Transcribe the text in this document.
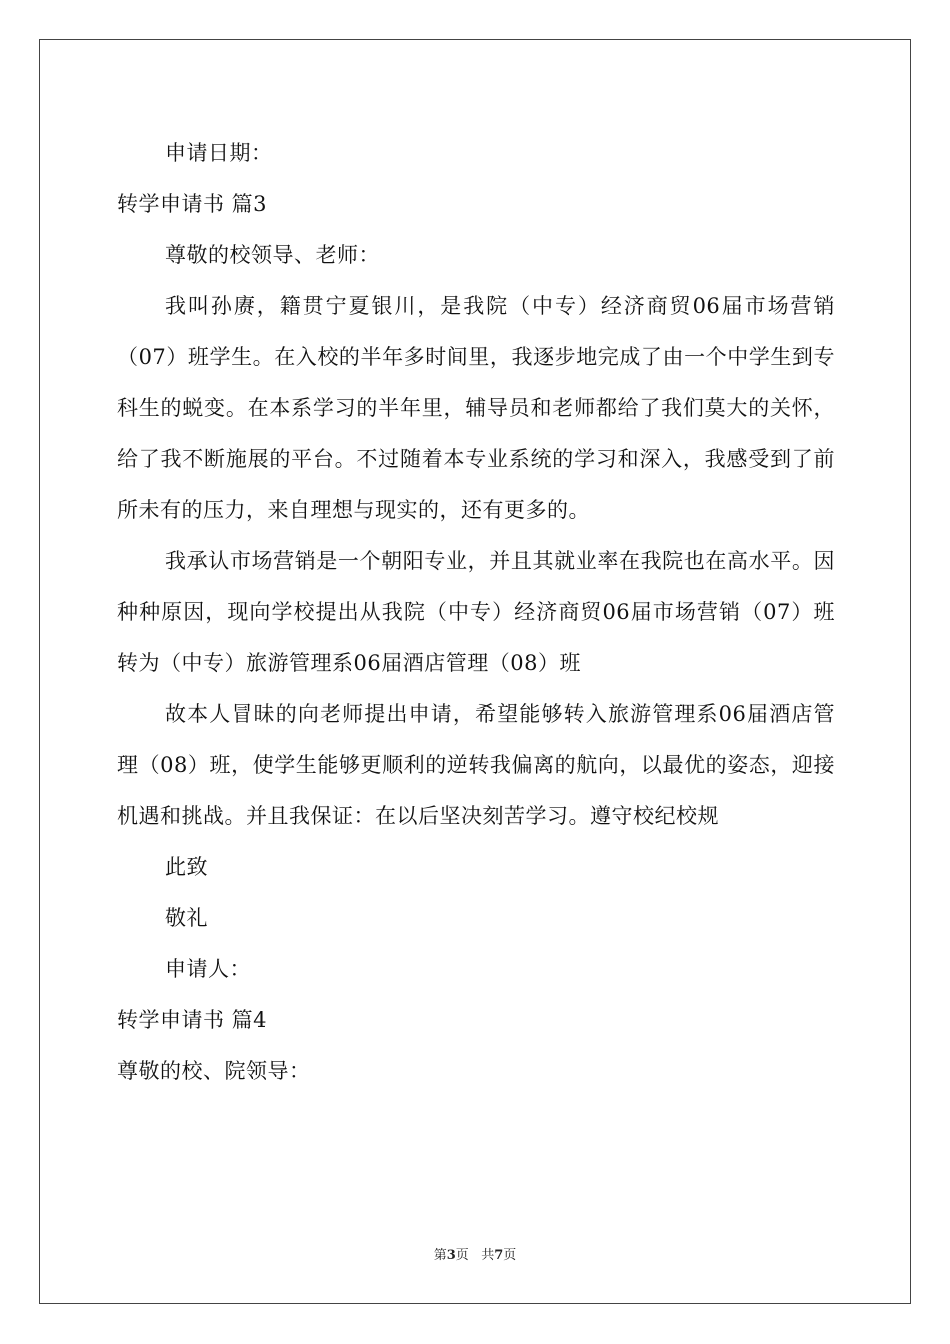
申请日期：
转学申请书 篇3
尊敬的校领导、老师：

我叫孙赓，籍贯宁夏银川，是我院（中专）经济商贸06届市场营销（07）班学生。在入校的半年多时间里，我逐步地完成了由一个中学生到专科生的蜕变。在本系学习的半年里，辅导员和老师都给了我们莫大的关怀，给了我不断施展的平台。不过随着本专业系统的学习和深入，我感受到了前所未有的压力，来自理想与现实的，还有更多的。

我承认市场营销是一个朝阳专业，并且其就业率在我院也在高水平。因种种原因，现向学校提出从我院（中专）经济商贸06届市场营销（07）班转为（中专）旅游管理系06届酒店管理（08）班

故本人冒昧的向老师提出申请，希望能够转入旅游管理系06届酒店管理（08）班，使学生能够更顺利的逆转我偏离的航向，以最优的姿态，迎接机遇和挑战。并且我保证：在以后坚决刻苦学习。遵守校纪校规

此致
敬礼
申请人：
转学申请书 篇4
尊敬的校、院领导：
第3页   共7页
